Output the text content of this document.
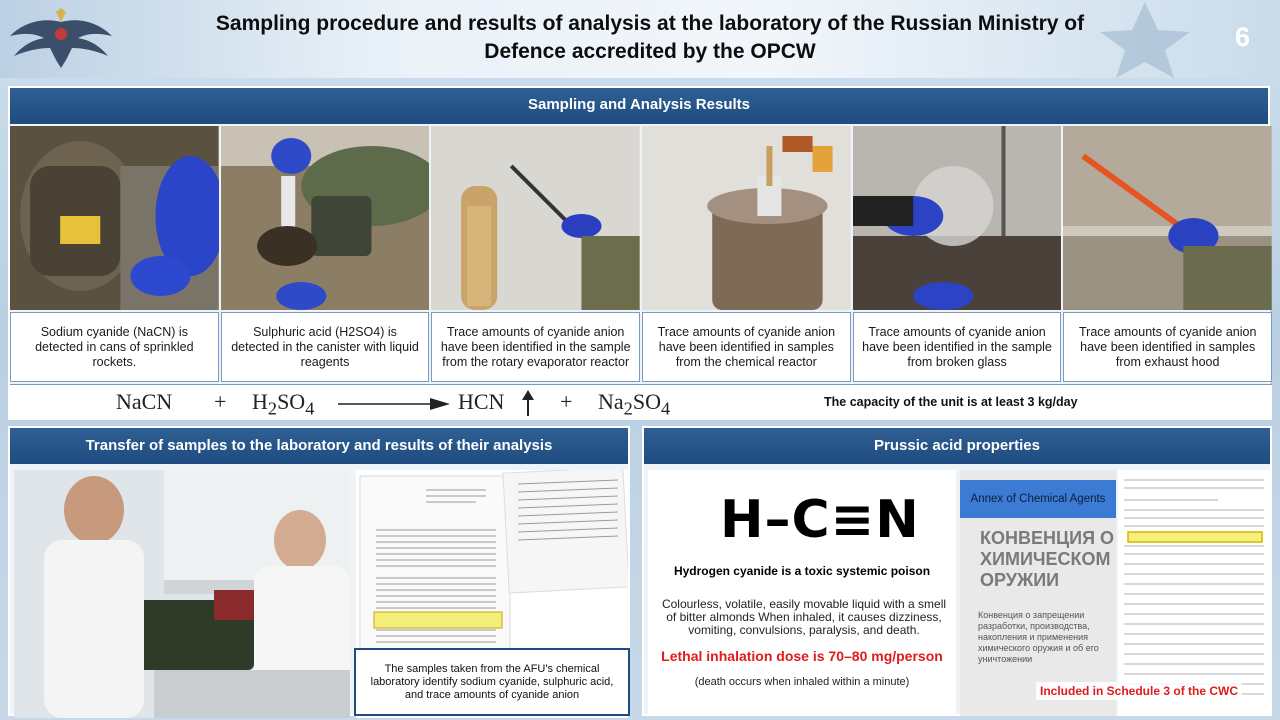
Sampling procedure and results of analysis at the laboratory of the Russian Ministry of
Defence accredited by the OPCW	6
Sampling and Analysis Results
Sodium cyanide (NaCN) is detected in cans of sprinkled rockets.
Sulphuric acid (H2SO4) is detected in the canister with liquid reagents
Trace amounts of cyanide anion have been identified in the sample from the rotary evaporator reactor
Trace amounts of cyanide anion have been identified in samples from the chemical reactor
Trace amounts of cyanide anion have been identified in the sample from broken glass
Trace amounts of cyanide anion have been identified in samples from exhaust hood
NaCN + $H_2SO_4$	HCN	+ $Na_2SO_4$	The capacity of the unit is at least 3 kg/day
Transfer of samples to the laboratory and results of their analysis
The samples taken from the AFU's chemical laboratory identify sodium cyanide, sulphuric acid, and trace amounts of cyanide anion
Prussic acid properties
H–C≡N
Hydrogen cyanide is a toxic systemic poison
Colourless, volatile, easily movable liquid with a smell of bitter almonds When inhaled, it causes dizziness, vomiting, convulsions, paralysis, and death.
Lethal inhalation dose is 70–80 mg/person
(death occurs when inhaled within a minute)
Annex of Chemical Agents
КОНВЕНЦИЯ О ХИМИЧЕСКОМ ОРУЖИИ
Конвенция о запрещении разработки, производства, накопления и применения химического оружия и об его уничтожении
Included in Schedule 3 of the CWC
